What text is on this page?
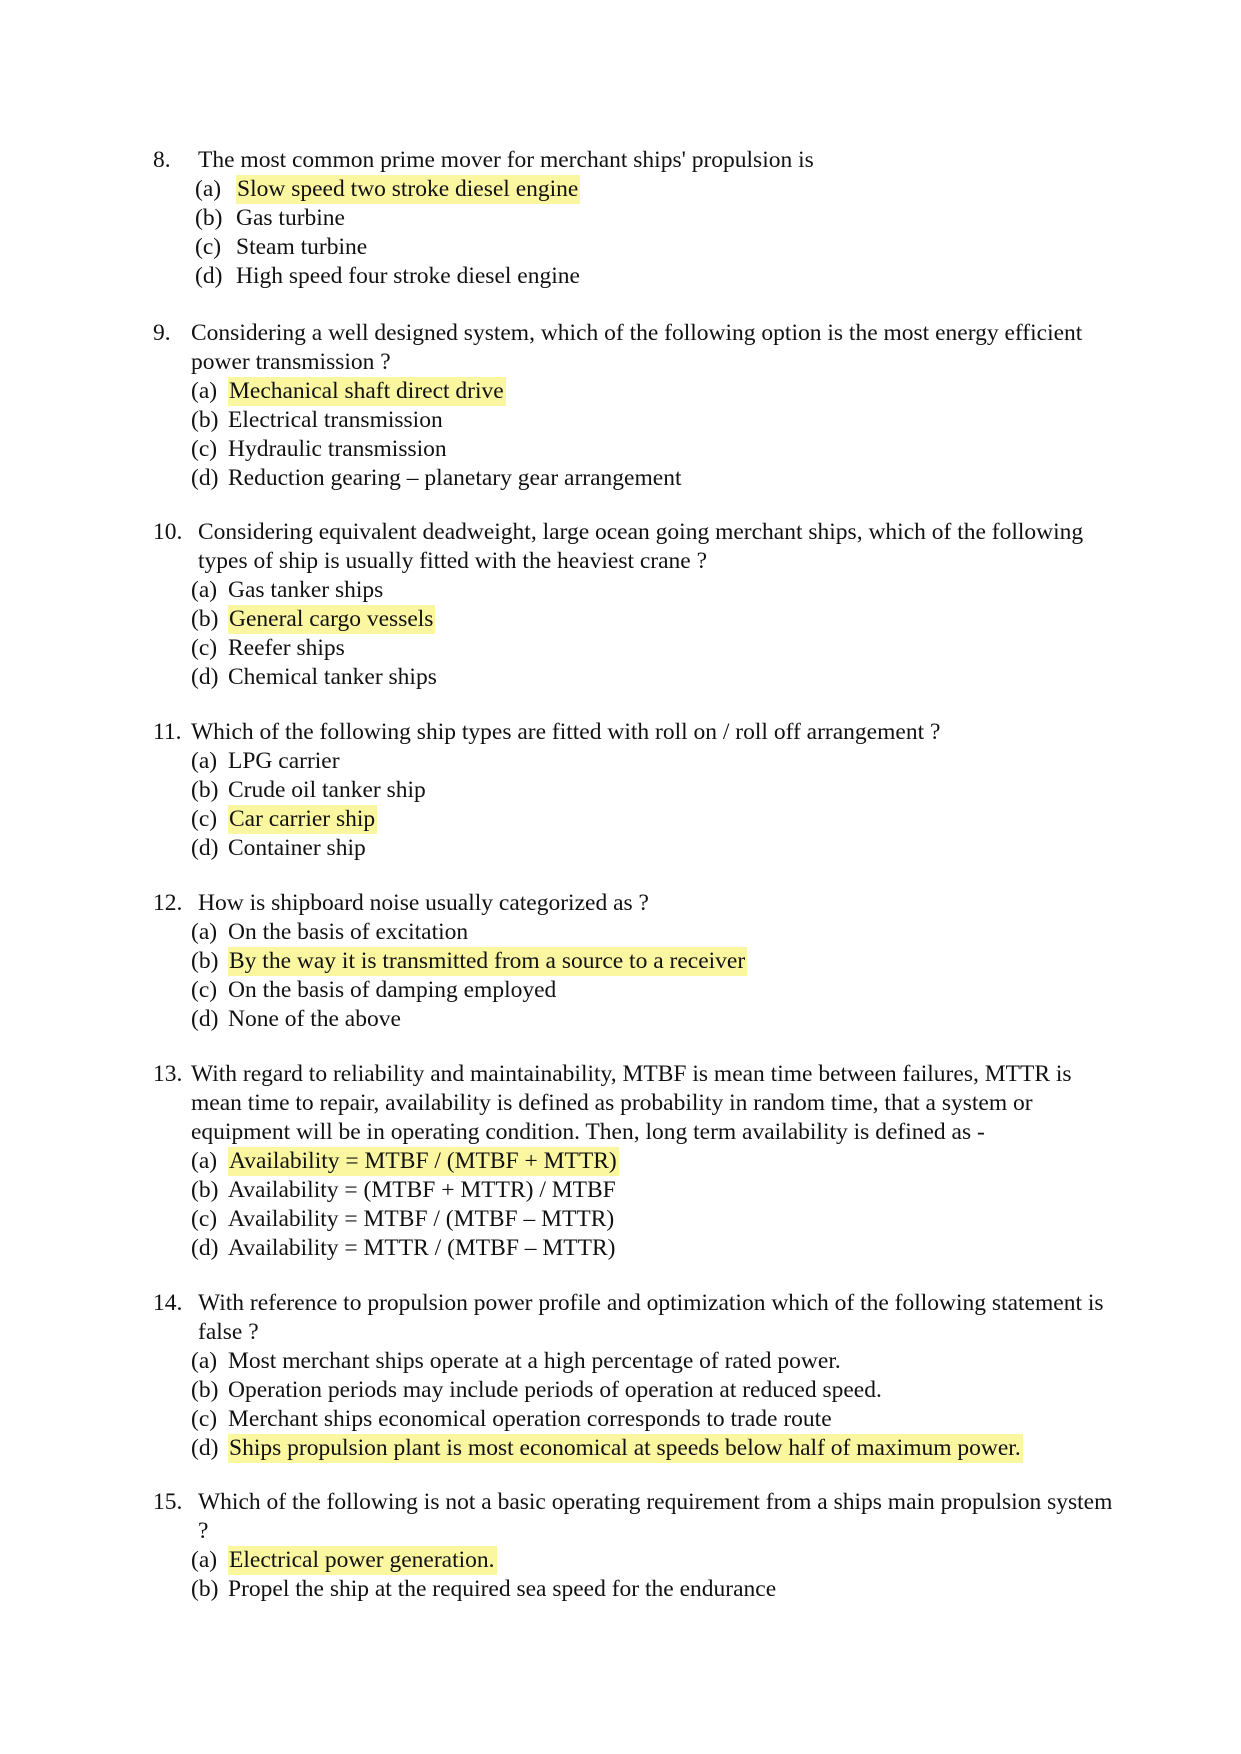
8.	The most common prime mover for merchant ships' propulsion is
(a) Slow speed two stroke diesel engine
(b) Gas turbine
(c) Steam turbine
(d) High speed four stroke diesel engine
9. Considering a well designed system, which of the following option is the most energy efficient power transmission ?
(a) Mechanical shaft direct drive
(b) Electrical transmission
(c) Hydraulic transmission
(d) Reduction gearing – planetary gear arrangement
10. Considering equivalent deadweight, large ocean going merchant ships, which of the following types of ship is usually fitted with the heaviest crane ?
(a) Gas tanker ships
(b) General cargo vessels
(c) Reefer ships
(d) Chemical tanker ships
11. Which of the following ship types are fitted with roll on / roll off arrangement ?
(a) LPG carrier
(b) Crude oil tanker ship
(c) Car carrier ship
(d) Container ship
12. How is shipboard noise usually categorized as ?
(a) On the basis of excitation
(b) By the way it is transmitted from a source to a receiver
(c) On the basis of damping employed
(d) None of the above
13. With regard to reliability and maintainability, MTBF is mean time between failures, MTTR is mean time to repair, availability is defined as probability in random time, that a system or equipment will be in operating condition. Then, long term availability is defined as -
(a) Availability = MTBF / (MTBF + MTTR)
(b) Availability = (MTBF + MTTR) / MTBF
(c) Availability = MTBF / (MTBF – MTTR)
(d) Availability = MTTR / (MTBF – MTTR)
14. With reference to propulsion power profile and optimization which of the following statement is false ?
(a) Most merchant ships operate at a high percentage of rated power.
(b) Operation periods may include periods of operation at reduced speed.
(c) Merchant ships economical operation corresponds to trade route
(d) Ships propulsion plant is most economical at speeds below half of maximum power.
15. Which of the following is not a basic operating requirement from a ships main propulsion system ?
(a) Electrical power generation.
(b) Propel the ship at the required sea speed for the endurance
